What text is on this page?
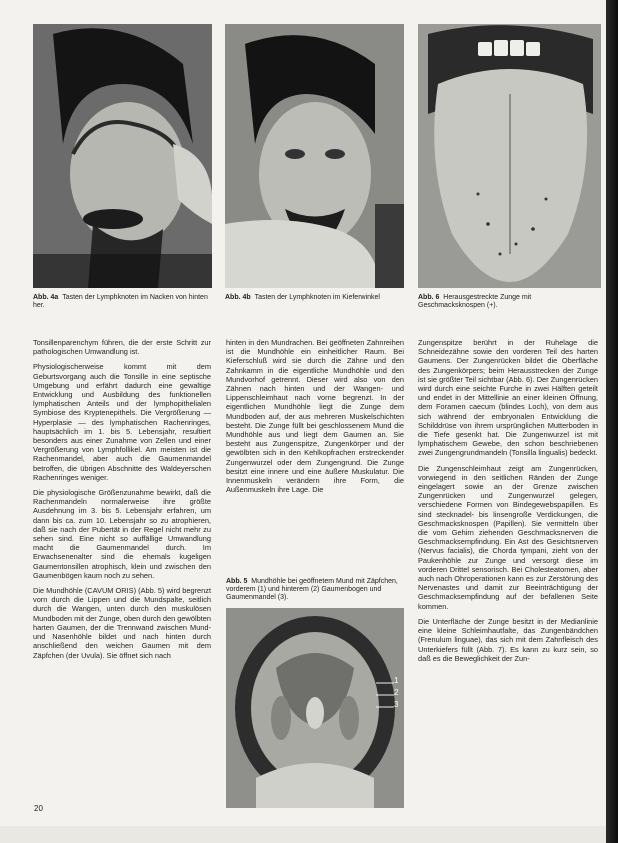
Abb. 4a Tasten der Lymphknoten im Nacken von hinten her.
Abb. 4b Tasten der Lymphknoten im Kieferwinkel	Abb. 6 Herausgestreckte Zunge mit Geschmacksknospen (+).

Tonsillenparenchym führen, die der erste Schritt zur pathologischen Umwandlung ist.

Physiologischerweise kommt mit dem Geburtsvorgang auch die Tonsille in eine septische Umgebung und erfährt dadurch eine gewaltige Entwicklung und Ausbildung des funktionellen lymphatischen Anteils und der lymphopithelialen Symbiose des Kryptenepithels. Die Vergrößerung — Hyperplasie — des lymphatischen Rachenringes, hauptsächlich im 1. bis 5. Lebensjahr, resultiert besonders aus einer Zunahme von Zellen und einer Vergrößerung von Lymphfollikel. Am meisten ist die Rachenmandel, aber auch die Gaumenmandel betroffen, die übrigen Abschnitte des Waldeyerschen Rachenringes weniger.

Die physiologische Größenzunahme bewirkt, daß die Rachenmandeln normalerweise ihre größte Ausdehnung im 3. bis 5. Lebensjahr erfahren, um dann bis ca. zum 10. Lebensjahr so zu atrophieren, daß sie nach der Pubertät in der Regel nicht mehr zu sehen sind. Eine nicht so auffällige Umwandlung macht die Gaumenmandel durch. Im Erwachsenenalter sind die ehemals kugeligen Gaumentonsillen atrophisch, klein und zwischen den Gaumenbögen kaum noch zu sehen.

Die Mundhöhle (CAVUM ORIS) (Abb. 5) wird begrenzt vorn durch die Lippen und die Mundspalte, seitlich durch die Wangen, unten durch den muskulösen Mundboden mit der Zunge, oben durch den gewölbten harten Gaumen, der die Trennwand zwischen Mund- und Nasenhöhle bildet und nach hinten durch anschließend den weichen Gaumen mit dem Zäpfchen (der Uvula). Sie öffnet sich nach

hinten in den Mundrachen. Bei geöffneten Zahnreihen ist die Mundhöhle ein einheitlicher Raum. Bei Kieferschluß wird sie durch die Zähne und den Zahnkamm in die eigentliche Mundhöhle und den Mundvorhof getrennt. Dieser wird also von den Zähnen nach hinten und der Wangen- und Lippenschleimhaut nach vorne begrenzt. In der eigentlichen Mundhöhle liegt die Zunge dem Mundboden auf, der aus mehreren Muskelschichten besteht. Die Zunge füllt bei geschlossenem Mund die Mundhöhle aus und liegt dem Gaumen an. Sie besteht aus Zungenspitze, Zungenkörper und der gewölbten sich in den Kehlkopfrachen erstreckender Zungenwurzel oder dem Zungengrund. Die Zunge besitzt eine innere und eine äußere Muskulatur. Die Innenmuskeln verändern ihre Form, die Außenmuskeln ihre Lage. Die

Abb. 5 Mundhöhle bei geöffnetem Mund mit Zäpfchen, vorderem (1) und hinterem (2) Gaumenbogen und Gaumenmandel (3).
1
2
3

Zungenspitze berührt in der Ruhelage die Schneidezähne sowie den vorderen Teil des harten Gaumens. Der Zungenrücken bildet die Oberfläche des Zungenkörpers; beim Herausstrecken der Zunge ist sie größter Teil sichtbar (Abb. 6). Der Zungenrücken wird durch eine seichte Furche in zwei Hälften geteilt und endet in der Mittellinie an einer kleinen Öffnung, dem Foramen caecum (blindes Loch), von dem aus sich während der embryonalen Entwicklung die Schilddrüse von ihrem ursprünglichen Mutterboden in die Tiefe gesenkt hat. Die Zungenwurzel ist mit lymphatischem Gewebe, den schon beschriebenen zwei Zungengrundmandeln (Tonsilla lingualis) bedeckt.

Die Zungenschleimhaut zeigt am Zungenrücken, vorwiegend in den seitlichen Ränden der Zunge eingelagert sowie an der Grenze zwischen Zungenrücken und Zungenwurzel gelegen, verschiedene Formen von Bindegewebspapillen. Es sind stecknadel- bis linsengroße Verdickungen, die Geschmacksknospen (Papillen). Sie vermitteln über die vom Gehirn ziehenden Geschmacksnerven die Geschmacksempfindung. Ein Ast des Gesichtsnerven (Nervus facialis), die Chorda tympani, zieht von der Paukenhöhle zur Zunge und versorgt diese im vorderen Drittel sensorisch. Bei Cholesteatomen, aber auch nach Ohroperationen kann es zur Zerstörung des Nervenastes und damit zur Beeinträchtigung der Geschmacksempfindung auf der befallenen Seite kommen.

Die Unterfläche der Zunge besitzt in der Medianlinie eine kleine Schleimhautfalte, das Zungenbändchen (Frenulum linguae), das sich mit dem Zahnfleisch des Unterkiefers füllt (Abb. 7). Es kann zu kurz sein, so daß es die Beweglichkeit der Zun-

20
